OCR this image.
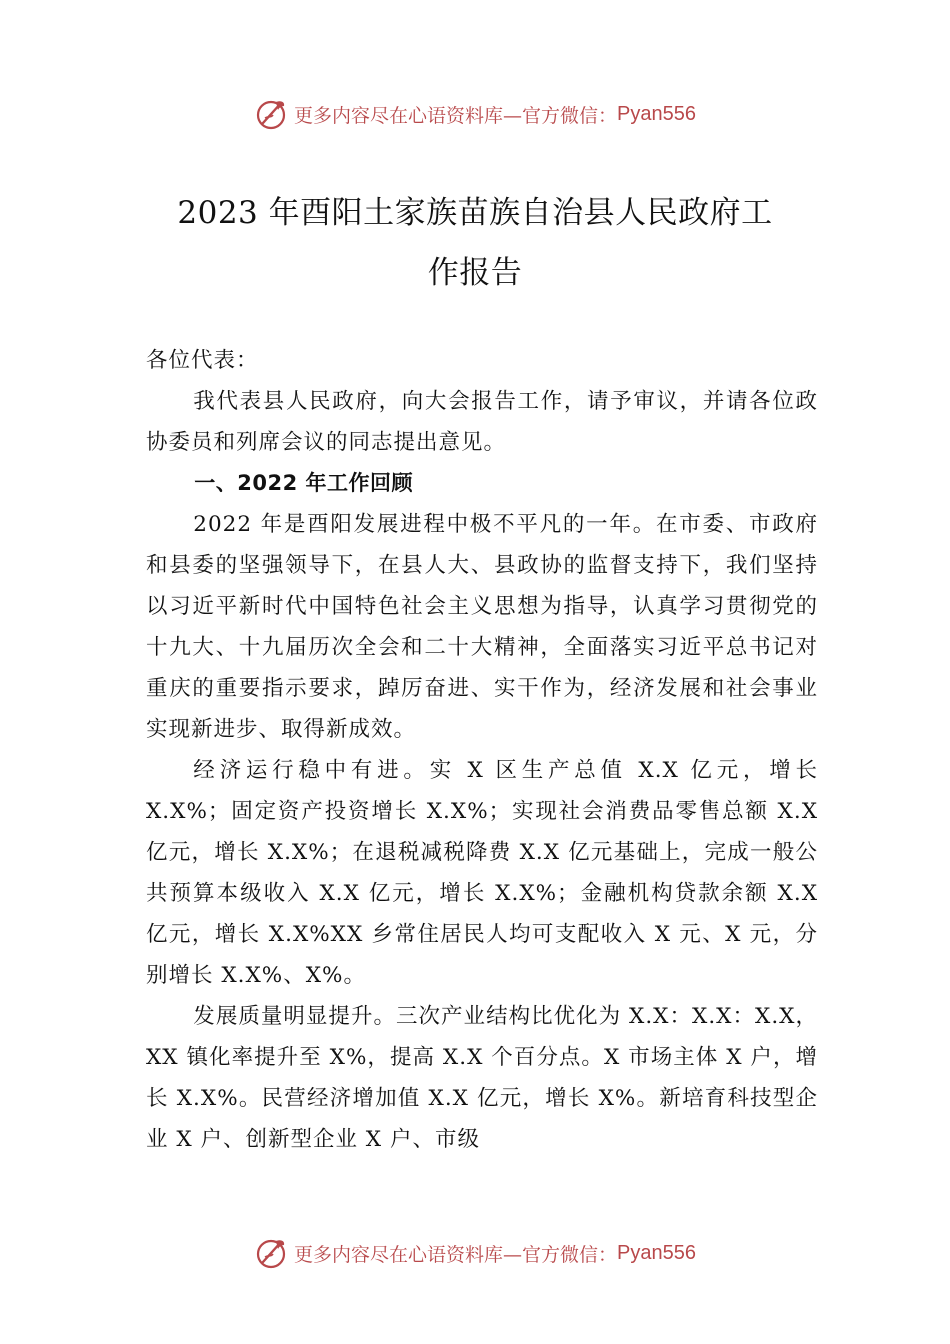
更多内容尽在心语资料库—官方微信： Pyan556
2023 年酉阳土家族苗族自治县人民政府工
作报告

各位代表：

我代表县人民政府，向大会报告工作，请予审议，并请各位政协委员和列席会议的同志提出意见。

一、2022 年工作回顾

2022 年是酉阳发展进程中极不平凡的一年。在市委、市政府和县委的坚强领导下，在县人大、县政协的监督支持下，我们坚持以习近平新时代中国特色社会主义思想为指导，认真学习贯彻党的十九大、十九届历次全会和二十大精神，全面落实习近平总书记对重庆的重要指示要求，踔厉奋进、实干作为，经济发展和社会事业实现新进步、取得新成效。

经济运行稳中有进。实 X 区生产总值 X.X 亿元，增长 X.X%；固定资产投资增长 X.X%；实现社会消费品零售总额 X.X 亿元，增长 X.X%；在退税减税降费 X.X 亿元基础上，完成一般公共预算本级收入 X.X 亿元，增长 X.X%；金融机构贷款余额 X.X 亿元，增长 X.X%XX 乡常住居民人均可支配收入 X 元、X 元，分别增长 X.X%、X%。

发展质量明显提升。三次产业结构比优化为 X.X：X.X：X.X，XX 镇化率提升至 X%，提高 X.X 个百分点。X 市场主体 X 户，增长 X.X%。民营经济增加值 X.X 亿元，增长 X%。新培育科技型企业 X 户、创新型企业 X 户、市级

更多内容尽在心语资料库—官方微信： Pyan556
